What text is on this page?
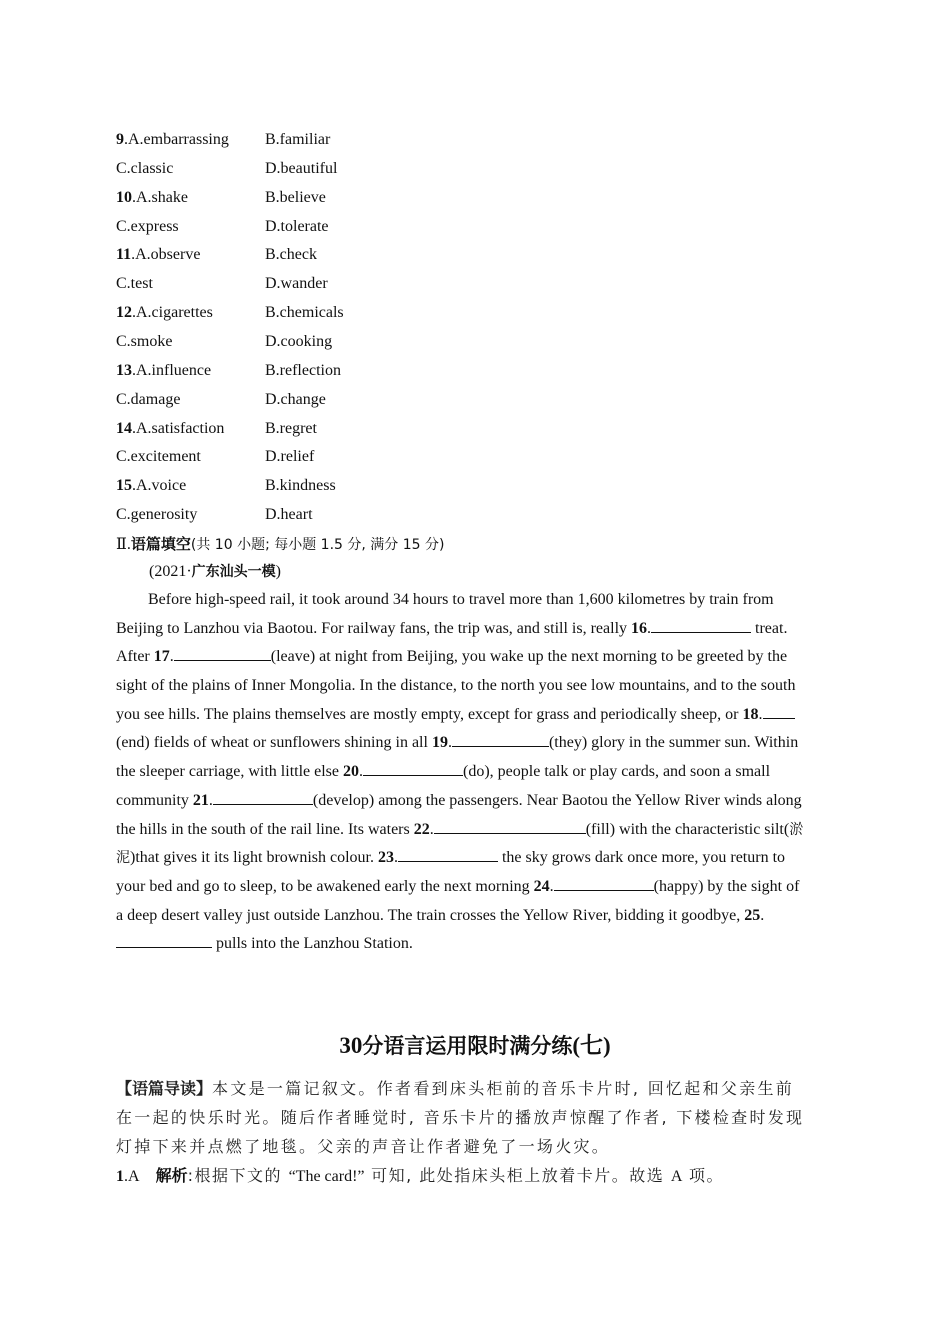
9.A.embarrassing B.familiar
C.classic	D.beautiful
10.A.shake	B.believe
C.express	D.tolerate
11.A.observe	B.check
C.test	D.wander
12.A.cigarettes	B.chemicals
C.smoke	D.cooking
13.A.influence	B.reflection
C.damage	D.change
14.A.satisfaction	B.regret
C.excitement	D.relief
15.A.voice	B.kindness
C.generosity	D.heart
Ⅱ.语篇填空(共 10 小题; 每小题 1.5 分, 满分 15 分)
(2021·广东汕头一模)
Before high-speed rail, it took around 34 hours to travel more than 1,600 kilometres by train from
Beijing to Lanzhou via Baotou. For railway fans, the trip was, and still is, really 16.	treat.
After 17.	(leave) at night from Beijing, you wake up the next morning to be greeted by the
sight of the plains of Inner Mongolia. In the distance, to the north you see low mountains, and to the south
you see hills. The plains themselves are mostly empty, except for grass and periodically sheep, or 18.
(end) fields of wheat or sunflowers shining in all 19.	(they) glory in the summer sun. Within
the sleeper carriage, with little else 20.	(do), people talk or play cards, and soon a small
community 21.	(develop) among the passengers. Near Baotou the Yellow River winds along
the hills in the south of the rail line. Its waters 22.	(fill) with the characteristic silt(淤
泥)that gives it its light brownish colour. 23.	the sky grows dark once more, you return to
your bed and go to sleep, to be awakened early the next morning 24.	(happy) by the sight of
a deep desert valley just outside Lanzhou. The train crosses the Yellow River, bidding it goodbye, 25.
pulls into the Lanzhou Station.
30分语言运用限时满分练(七)
【语篇导读】本文是一篇记叙文。作者看到床头柜前的音乐卡片时, 回忆起和父亲生前
在一起的快乐时光。随后作者睡觉时, 音乐卡片的播放声惊醒了作者, 下楼检查时发现
灯掉下来并点燃了地毯。父亲的声音让作者避免了一场火灾。
1.A 解析:根据下文的 “The card!” 可知, 此处指床头柜上放着卡片。故选 A 项。
